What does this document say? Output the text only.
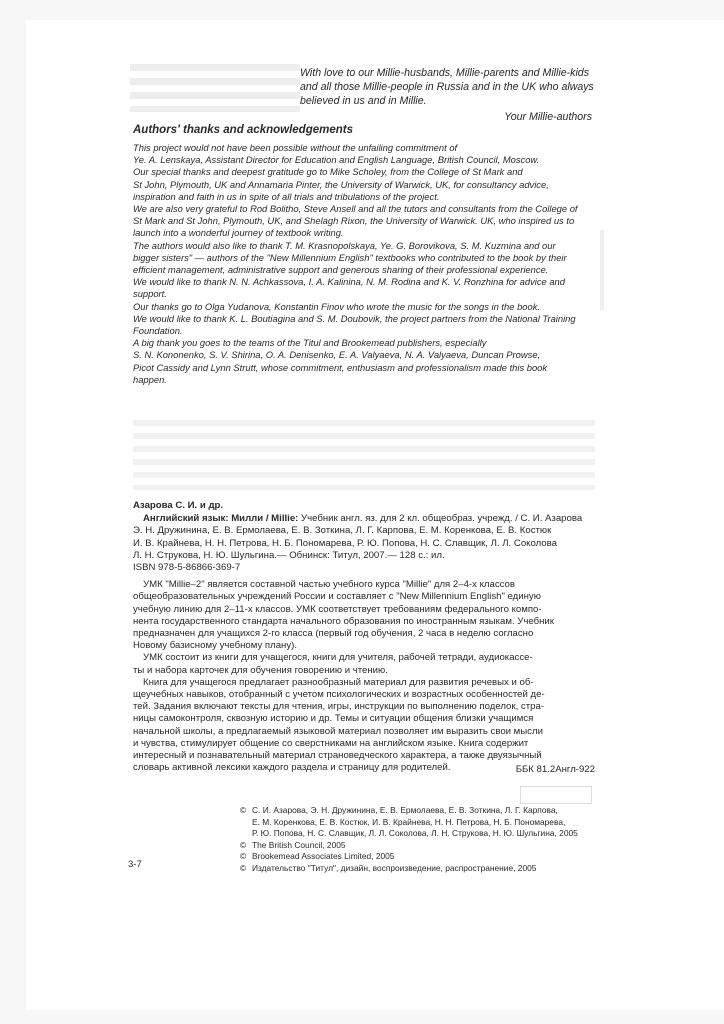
With love to our Millie-husbands, Millie-parents and Millie-kids
and all those Millie-people in Russia and in the UK who always
believed in us and in Millie.
Your Millie-authors
Authors' thanks and acknowledgements
This project would not have been possible without the unfailing commitment of
Ye. A. Lenskaya, Assistant Director for Education and English Language, British Council, Moscow.
Our special thanks and deepest gratitude go to Mike Scholey, from the College of St Mark and
St John, Plymouth, UK and Annamaria Pinter, the University of Warwick, UK, for consultancy advice,
inspiration and faith in us in spite of all trials and tribulations of the project.
We are also very grateful to Rod Bolitho, Steve Ansell and all the tutors and consultants from the College of
St Mark and St John, Plymouth, UK, and Shelagh Rixon, the University of Warwick. UK, who inspired us to
launch into a wonderful journey of textbook writing.
The authors would also like to thank T. M. Krasnopolskaya, Ye. G. Borovikova, S. M. Kuzmina and our
bigger sisters" — authors of the "New Millennium English" textbooks who contributed to the book by their
efficient management, administrative support and generous sharing of their professional experience.
We would like to thank N. N. Achkassova, I. A. Kalinina, N. M. Rodina and K. V. Ronzhina for advice and
support.
Our thanks go to Olga Yudanova, Konstantin Finov who wrote the music for the songs in the book.
We would like to thank K. L. Boutiagina and S. M. Doubovik, the project partners from the National Training
Foundation.
A big thank you goes to the teams of the Titul and Brookemead publishers, especially
S. N. Kononenko, S. V. Shirina, O. A. Denisenko, E. A. Valyaeva, N. A. Valyaeva, Duncan Prowse,
Picot Cassidy and Lynn Strutt, whose commitment, enthusiasm and professionalism made this book
happen.
Азарова С. И. и др.
Английский язык: Милли / Millie: Учебник англ. яз. для 2 кл. общеобраз. учрежд. / С. И. Азарова
Э. Н. Дружинина, Е. В. Ермолаева, Е. В. Зоткина, Л. Г. Карпова, Е. М. Коренкова, Е. В. Костюк
И. В. Крайнева, Н. Н. Петрова, Н. Б. Пономарева, Р. Ю. Попова, Н. С. Славщик, Л. Л. Соколова
Л. Н. Струкова, Н. Ю. Шульгина.— Обнинск: Титул, 2007.— 128 с.: ил.
ISBN 978-5-86866-369-7
УМК "Millie–2" является составной частью учебного курса "Millie" для 2–4-х классов
общеобразовательных учреждений России и составляет с "New Millennium English" единую
учебную линию для 2–11-х классов. УМК соответствует требованиям федерального компо-
нента государственного стандарта начального образования по иностранным языкам. Учебник
предназначен для учащихся 2-го класса (первый год обучения, 2 часа в неделю согласно
Новому базисному учебному плану).
УМК состоит из книги для учащегося, книги для учителя, рабочей тетради, аудиокассе-
ты и набора карточек для обучения говорению и чтению.
Книга для учащегося предлагает разнообразный материал для развития речевых и об-
щеучебных навыков, отобранный с учетом психологических и возрастных особенностей де-
тей. Задания включают тексты для чтения, игры, инструкции по выполнению поделок, стра-
ницы самоконтроля, сквозную историю и др. Темы и ситуации общения близки учащимся
начальной школы, а предлагаемый языковой материал позволяет им выразить свои мысли
и чувства, стимулирует общение со сверстниками на английском языке. Книга содержит
интересный и познавательный материал страноведческого характера, а также двуязычный
словарь активной лексики каждого раздела и страницу для родителей.	ББК 81.2Англ-922
© С. И. Азарова, Э. Н. Дружинина, Е. В. Ермолаева, Е. В. Зоткина, Л. Г. Карпова,
Е. М. Коренкова, Е. В. Костюк, И. В. Крайнева, Н. Н. Петрова, Н. Б. Пономарева,
Р. Ю. Попова, Н. С. Славщик, Л. Л. Соколова, Л. Н. Струкова, Н. Ю. Шульгина, 2005
© The British Council, 2005
© Brookemead Associates Limited, 2005
© Издательство "Титул", дизайн, воспроизведение, распространение, 2005
3-7
